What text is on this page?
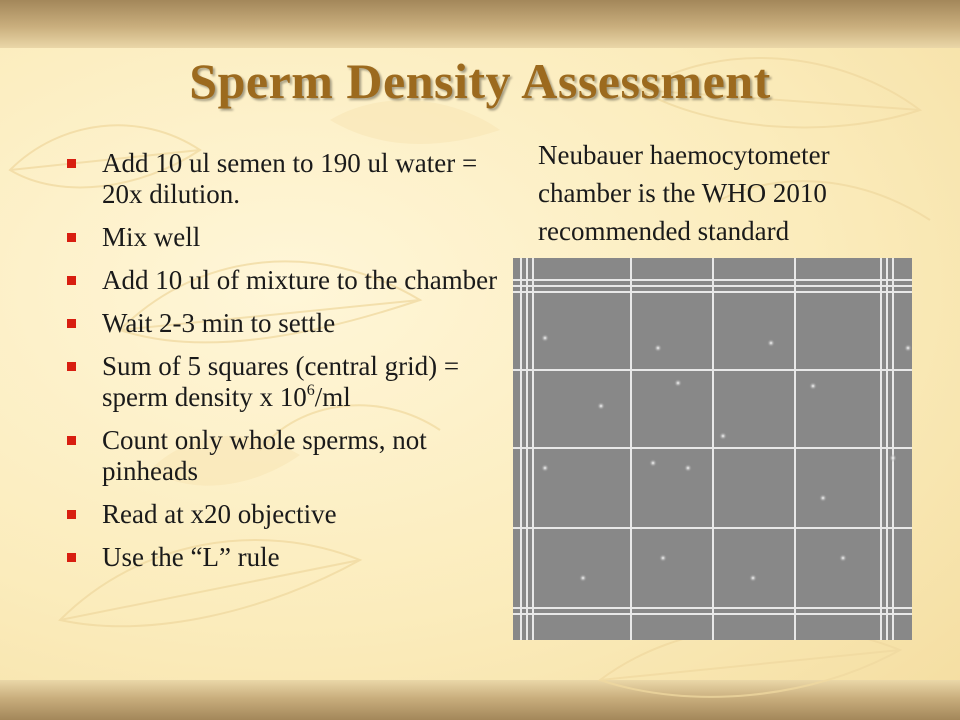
Sperm Density Assessment
Add 10 ul semen to 190 ul water = 20x dilution.
Mix well
Add 10 ul of mixture to the chamber
Wait 2-3 min to settle
Sum of 5 squares (central grid) = sperm density x $10^6/ml$
Count only whole sperms, not pinheads
Read at x20 objective
Use the “L” rule
Neubauer haemocytometer chamber is the WHO 2010 recommended standard
